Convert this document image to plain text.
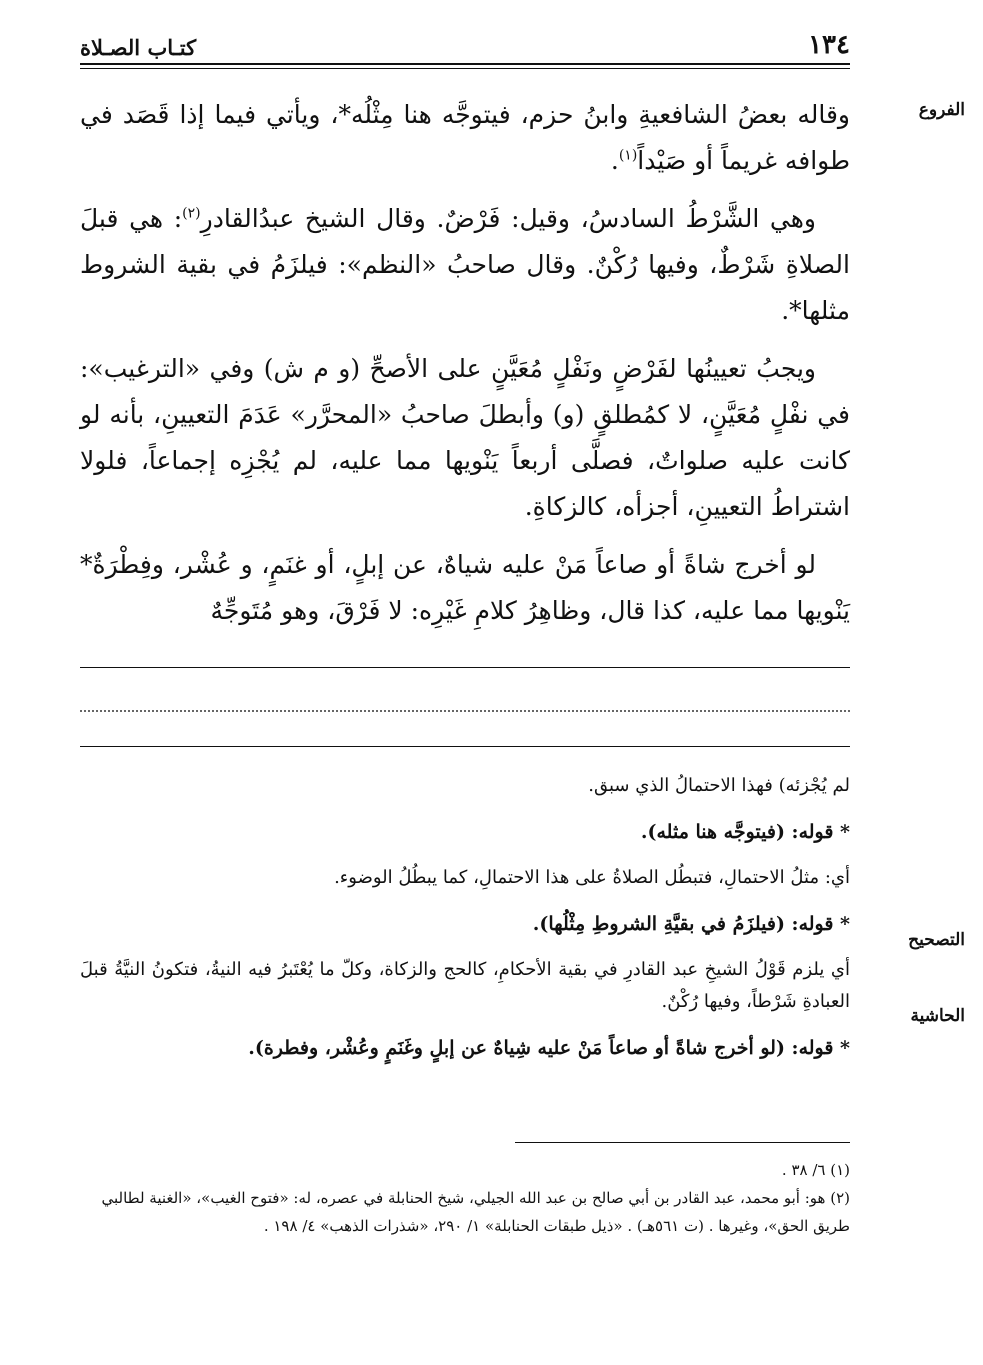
١٣٤
كتـاب الصـلاة
الفروع
التصحيح
الحاشية

وقاله بعضُ الشافعيةِ وابنُ حزم، فيتوجَّه هنا مِثْلُه*، ويأتي فيما إذا قَصَد في طوافه غريماً أو صَيْداً$^{(١)}$.

وهي الشَّرْطُ السادسُ، وقيل: فَرْضٌ. وقال الشيخ عبدُالقادرِ$^{(٢)}$: هي قبلَ الصلاةِ شَرْطٌ، وفيها رُكْنٌ. وقال صاحبُ «النظم»: فيلزَمُ في بقية الشروط مثلها*.

ويجبُ تعيينُها لفَرْضٍ ونَفْلٍ مُعَيَّنٍ على الأصحِّ (و م ش) وفي «الترغيب»: في نفْلٍ مُعَيَّنٍ، لا كمُطلقٍ (و) وأبطلَ صاحبُ «المحرَّر» عَدَمَ التعيينِ، بأنه لو كانت عليه صلواتٌ، فصلَّى أربعاً يَنْويها مما عليه، لم يُجْزِه إجماعاً، فلولا اشتراطُ التعيينِ، أجزأه، كالزكاةِ.

لو أخرج شاةً أو صاعاً مَنْ عليه شياهٌ، عن إبلٍ، أو غنَمٍ، و عُشْر، وفِطْرَةٌ* يَنْويها مما عليه، كذا قال، وظاهِرُ كلامِ غَيْرِه: لا فَرْقَ، وهو مُتَوجِّهٌ

لم يُجْزئه) فهذا الاحتمالُ الذي سبق.

* قوله: (فيتوجَّه هنا مثله).

أي: مثلُ الاحتمالِ، فتبطُل الصلاةُ على هذا الاحتمالِ، كما يبطُلُ الوضوء.

* قوله: (فيلزَمُ في بقيَّةِ الشروطِ مِثْلُها).

أي يلزم قَوْلُ الشيخِ عبد القادرِ في بقية الأحكامِ، كالحج والزكاة، وكلّ ما يُعْتَبرُ فيه النيةُ، فتكونُ النيَّةُ قبلَ العبادةِ شَرْطاً، وفيها رُكْنٌ.

* قوله: (لو أخرج شاةً أو صاعاً مَنْ عليه شِياهٌ عن إبلٍ وغَنَمٍ وعُشْر، وفطرة).

(١) ٦/ ٣٨ .

(٢) هو: أبو محمد، عبد القادر بن أبي صالح بن عبد الله الجيلي، شيخ الحنابلة في عصره، له: «فتوح الغيب»، «الغنية لطالبي طريق الحق»، وغيرها . (ت ٥٦١هـ) . «ذيل طبقات الحنابلة» ١/ ٢٩٠، «شذرات الذهب» ٤/ ١٩٨ .
